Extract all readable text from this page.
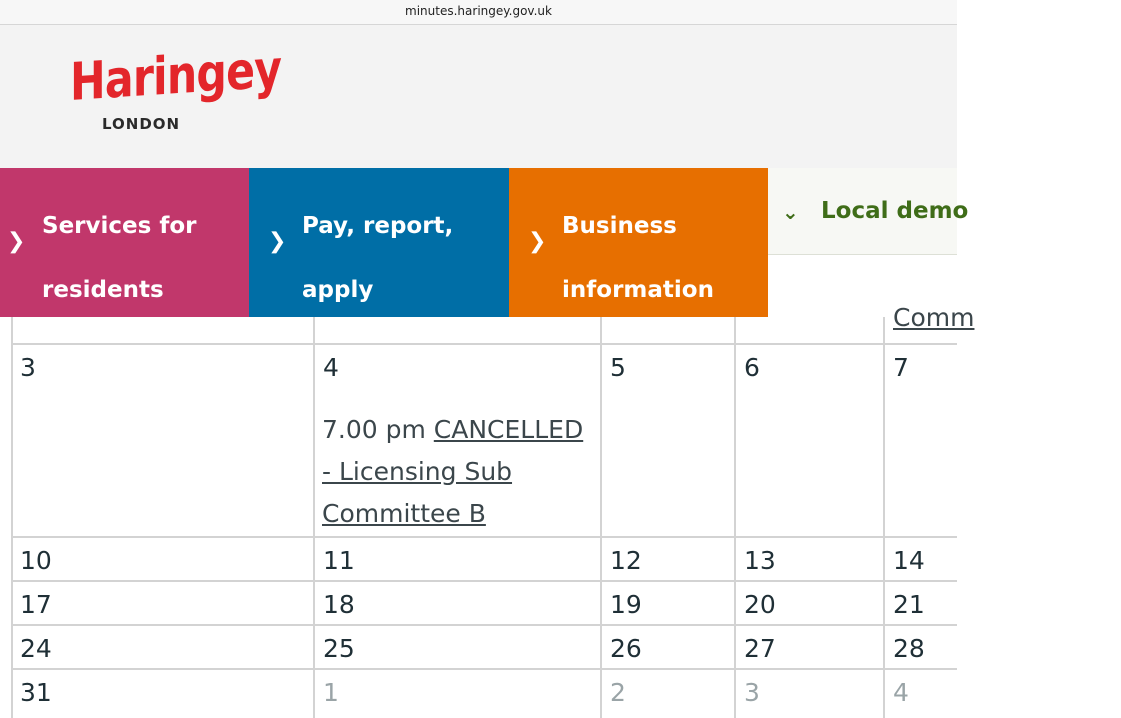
minutes.haringey.gov.uk
Haringey
LONDON
❯
Services for
residents
❯
Pay, report,
apply
❯
Business
information
⌄ Local demo
Comm
3	4	5	6	7
7.00 pm CANCELLED - Licensing Sub Committee B
10	11	12	13	14
17	18	19	20	21
24	25	26	27	28
31	1	2	3	4
